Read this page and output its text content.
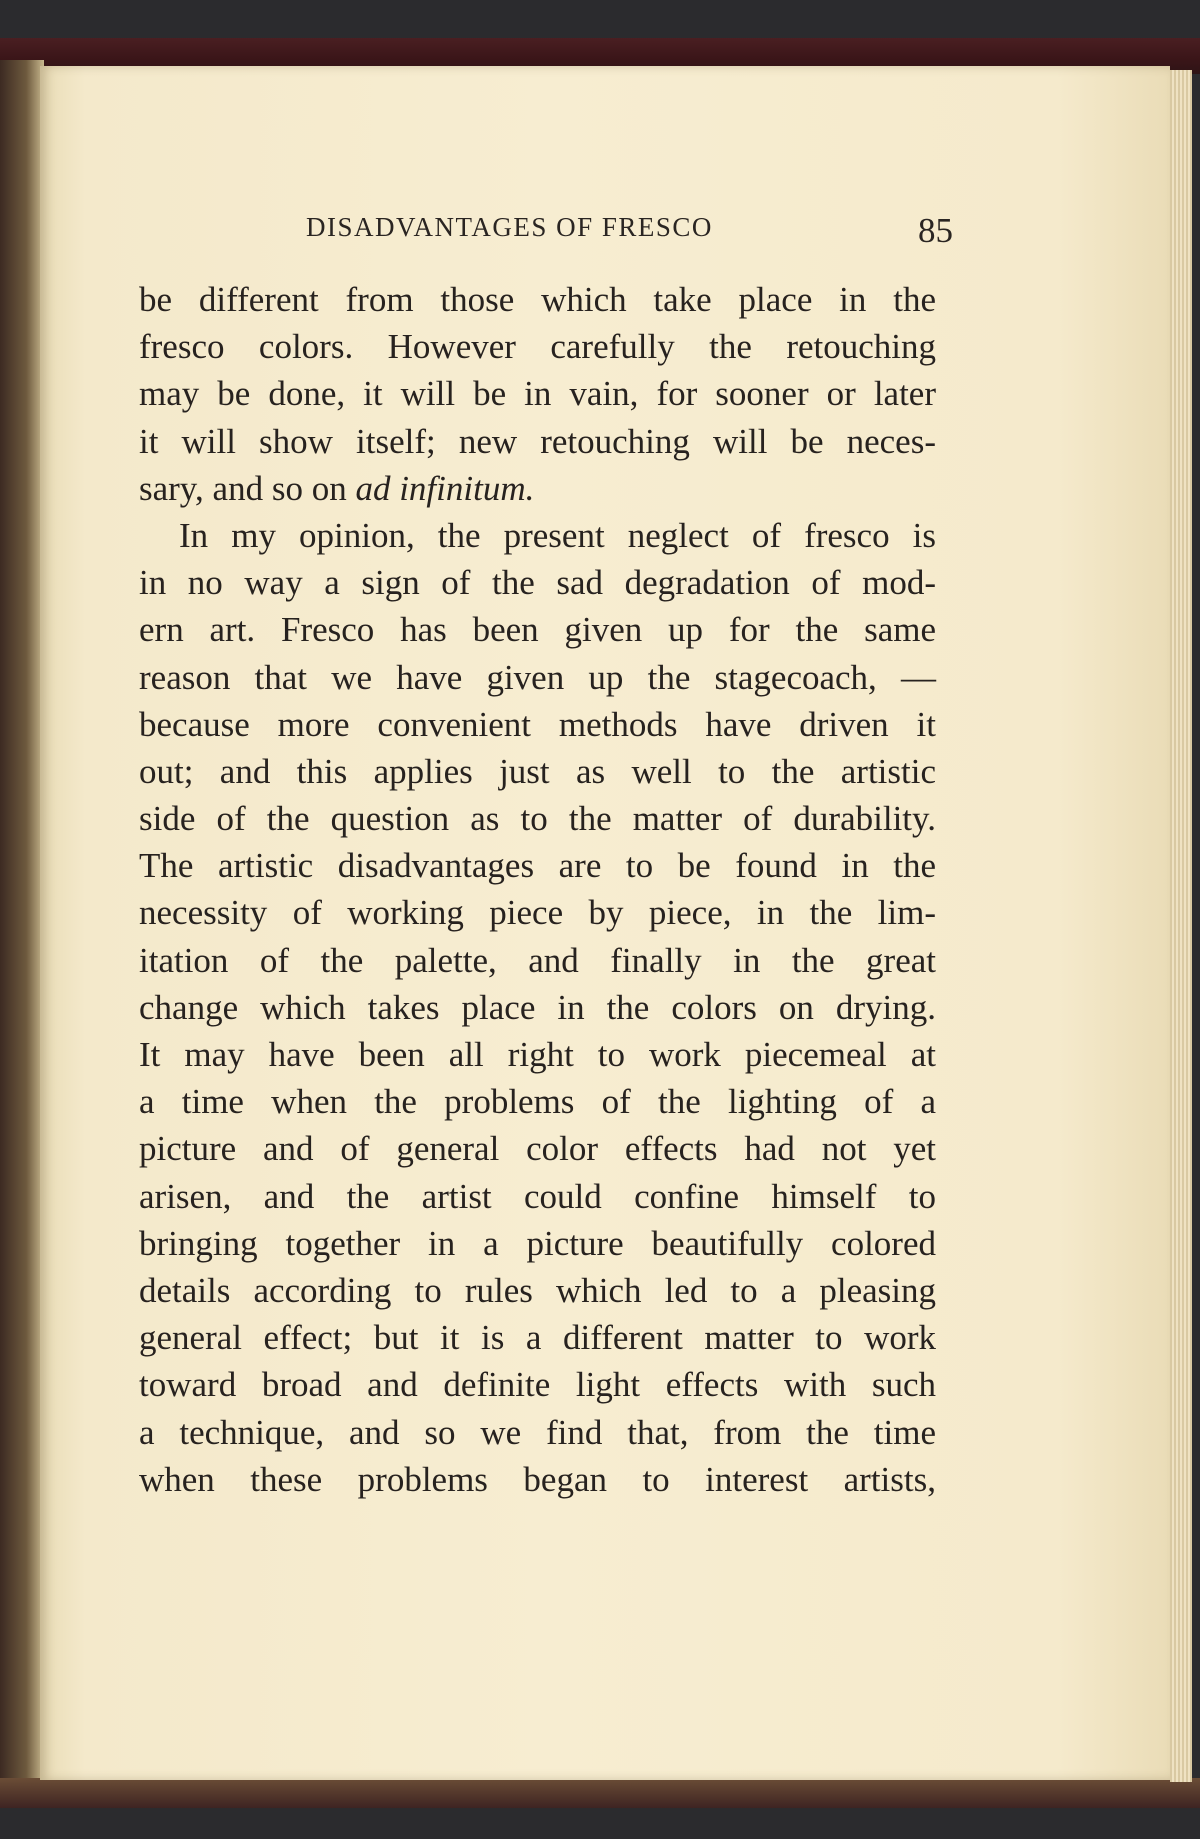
DISADVANTAGES OF FRESCO	85
be different from those which take place in the
fresco colors. However carefully the retouching
may be done, it will be in vain, for sooner or later
it will show itself; new retouching will be neces-
sary, and so on ad infinitum.
In my opinion, the present neglect of fresco is
in no way a sign of the sad degradation of mod-
ern art. Fresco has been given up for the same
reason that we have given up the stagecoach, —
because more convenient methods have driven it
out; and this applies just as well to the artistic
side of the question as to the matter of durability.
The artistic disadvantages are to be found in the
necessity of working piece by piece, in the lim-
itation of the palette, and finally in the great
change which takes place in the colors on drying.
It may have been all right to work piecemeal at
a time when the problems of the lighting of a
picture and of general color effects had not yet
arisen, and the artist could confine himself to
bringing together in a picture beautifully colored
details according to rules which led to a pleasing
general effect; but it is a different matter to work
toward broad and definite light effects with such
a technique, and so we find that, from the time
when these problems began to interest artists,
